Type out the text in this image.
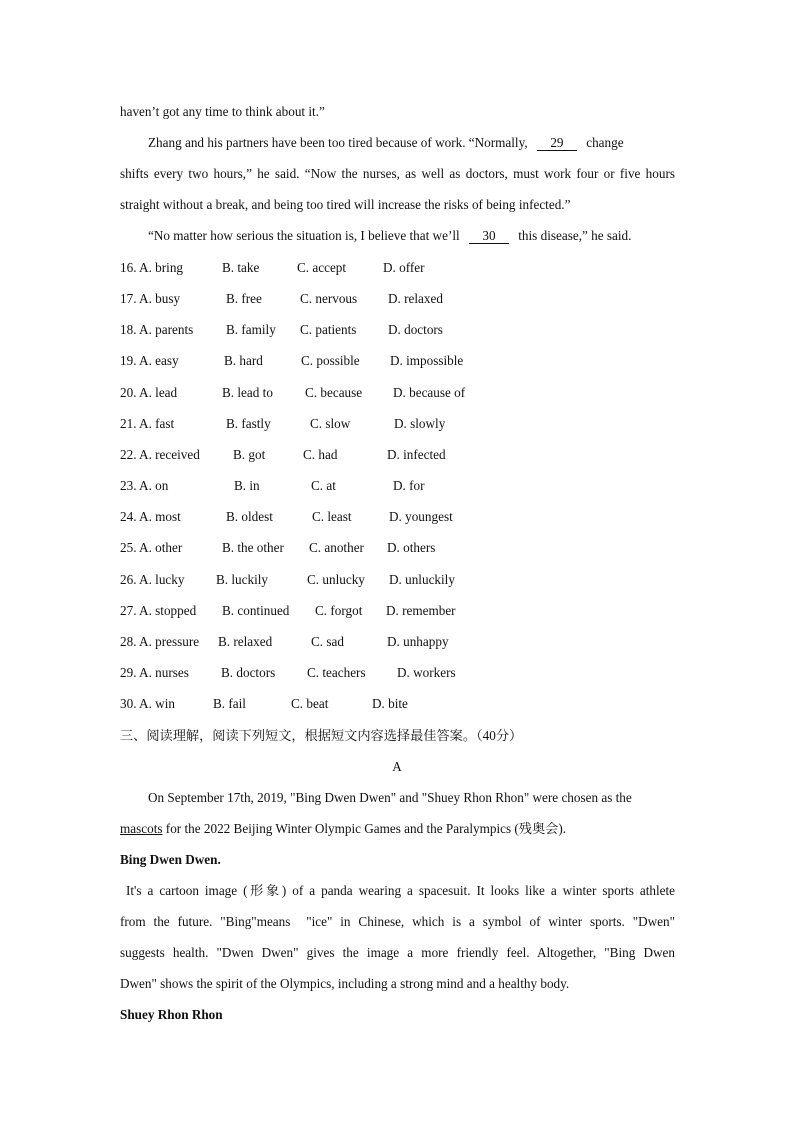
haven’t got any time to think about it.”
Zhang and his partners have been too tired because of work. “Normally, 29 change
shifts every two hours,” he said. “Now the nurses, as well as doctors, must work four or five hours
straight without a break, and being too tired will increase the risks of being infected.”
“No matter how serious the situation is, I believe that we’ll 30 this disease,” he said.
16. A. bring	B. take	C. accept	D. offer
17. A. busy	B. free	C. nervous D. relaxed
18. A. parents B. family C. patients D. doctors
19. A. easy	B. hard	C. possible D. impossible
20. A. lead	B. lead to C. because D. because of
21. A. fast	B. fastly	C. slow	D. slowly
22. A. received	B. got	C. had	D. infected
23. A. on	B. in	C. at	D. for
24. A. most	B. oldest	C. least	D. youngest
25. A. other	B. the other C. another D. others
26. A. lucky B. luckily	C. unlucky D. unluckily
27. A. stopped B. continued C. forgot D. remember
28. A. pressure B. relaxed	C. sad	D. unhappy
29. A. nurses B. doctors C. teachers D. workers
30. A. win	B. fail	C. beat	D. bite
三、阅读理解，阅读下列短文，根据短文内容选择最佳答案。（40分）
A
On September 17th, 2019, "Bing Dwen Dwen" and "Shuey Rhon Rhon" were chosen as the
mascots for the 2022 Beijing Winter Olympic Games and the Paralympics (残奥会).
Bing Dwen Dwen.
It's a cartoon image (形象) of a panda wearing a spacesuit. It looks like a winter sports athlete
from the future. "Bing"means  "ice" in Chinese, which is a symbol of winter sports. "Dwen"
suggests health. "Dwen Dwen" gives the image a more friendly feel. Altogether, "Bing Dwen
Dwen" shows the spirit of the Olympics, including a strong mind and a healthy body.
Shuey Rhon Rhon
